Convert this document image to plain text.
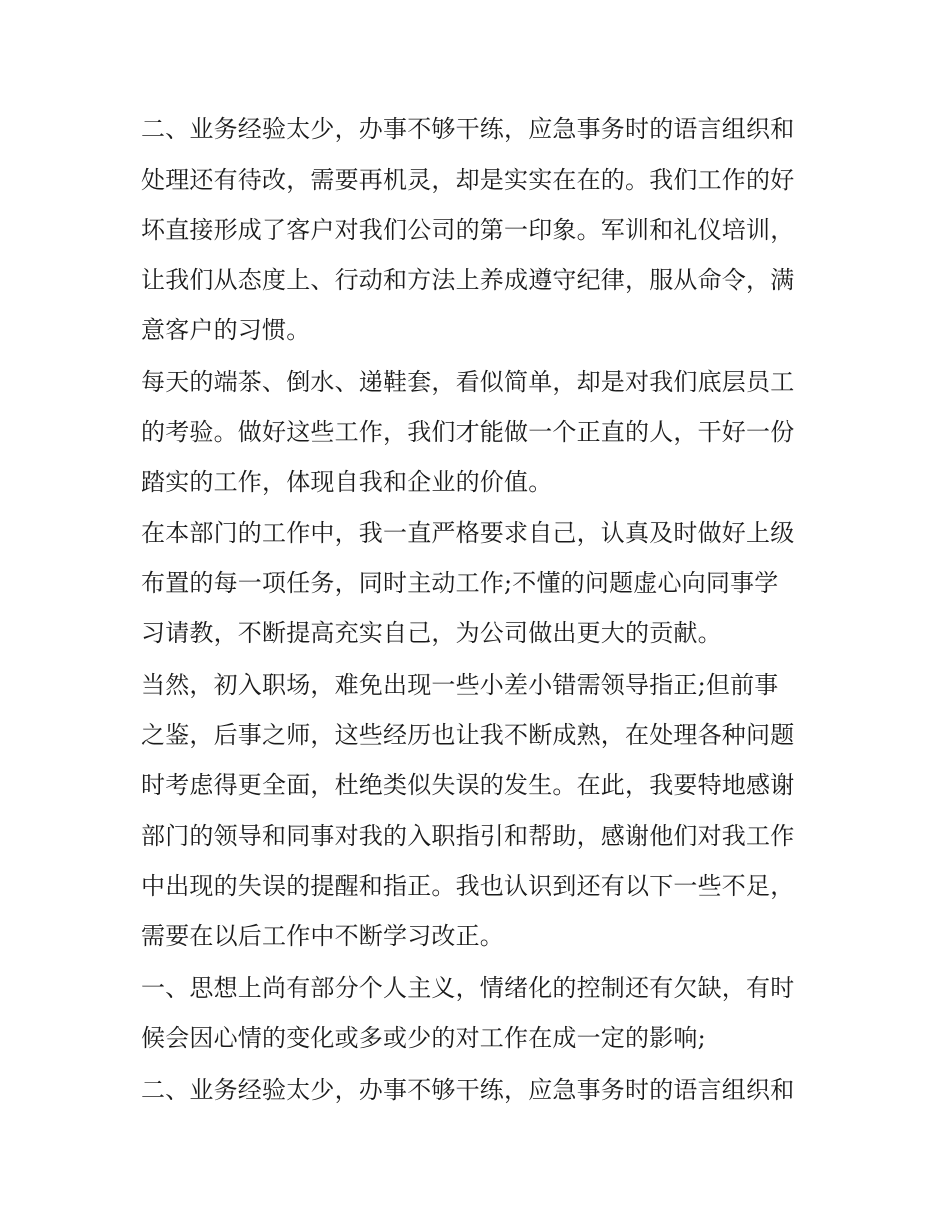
二、业务经验太少，办事不够干练，应急事务时的语言组织和

处理还有待改，需要再机灵，却是实实在在的。我们工作的好

坏直接形成了客户对我们公司的第一印象。军训和礼仪培训，

让我们从态度上、行动和方法上养成遵守纪律，服从命令，满

意客户的习惯。

每天的端茶、倒水、递鞋套，看似简单，却是对我们底层员工

的考验。做好这些工作，我们才能做一个正直的人，干好一份

踏实的工作，体现自我和企业的价值。

在本部门的工作中，我一直严格要求自己，认真及时做好上级

布置的每一项任务，同时主动工作;不懂的问题虚心向同事学

习请教，不断提高充实自己，为公司做出更大的贡献。

当然，初入职场，难免出现一些小差小错需领导指正;但前事

之鉴，后事之师，这些经历也让我不断成熟，在处理各种问题

时考虑得更全面，杜绝类似失误的发生。在此，我要特地感谢

部门的领导和同事对我的入职指引和帮助，感谢他们对我工作

中出现的失误的提醒和指正。我也认识到还有以下一些不足，

需要在以后工作中不断学习改正。

一、思想上尚有部分个人主义，情绪化的控制还有欠缺，有时

候会因心情的变化或多或少的对工作在成一定的影响;

二、业务经验太少，办事不够干练，应急事务时的语言组织和
